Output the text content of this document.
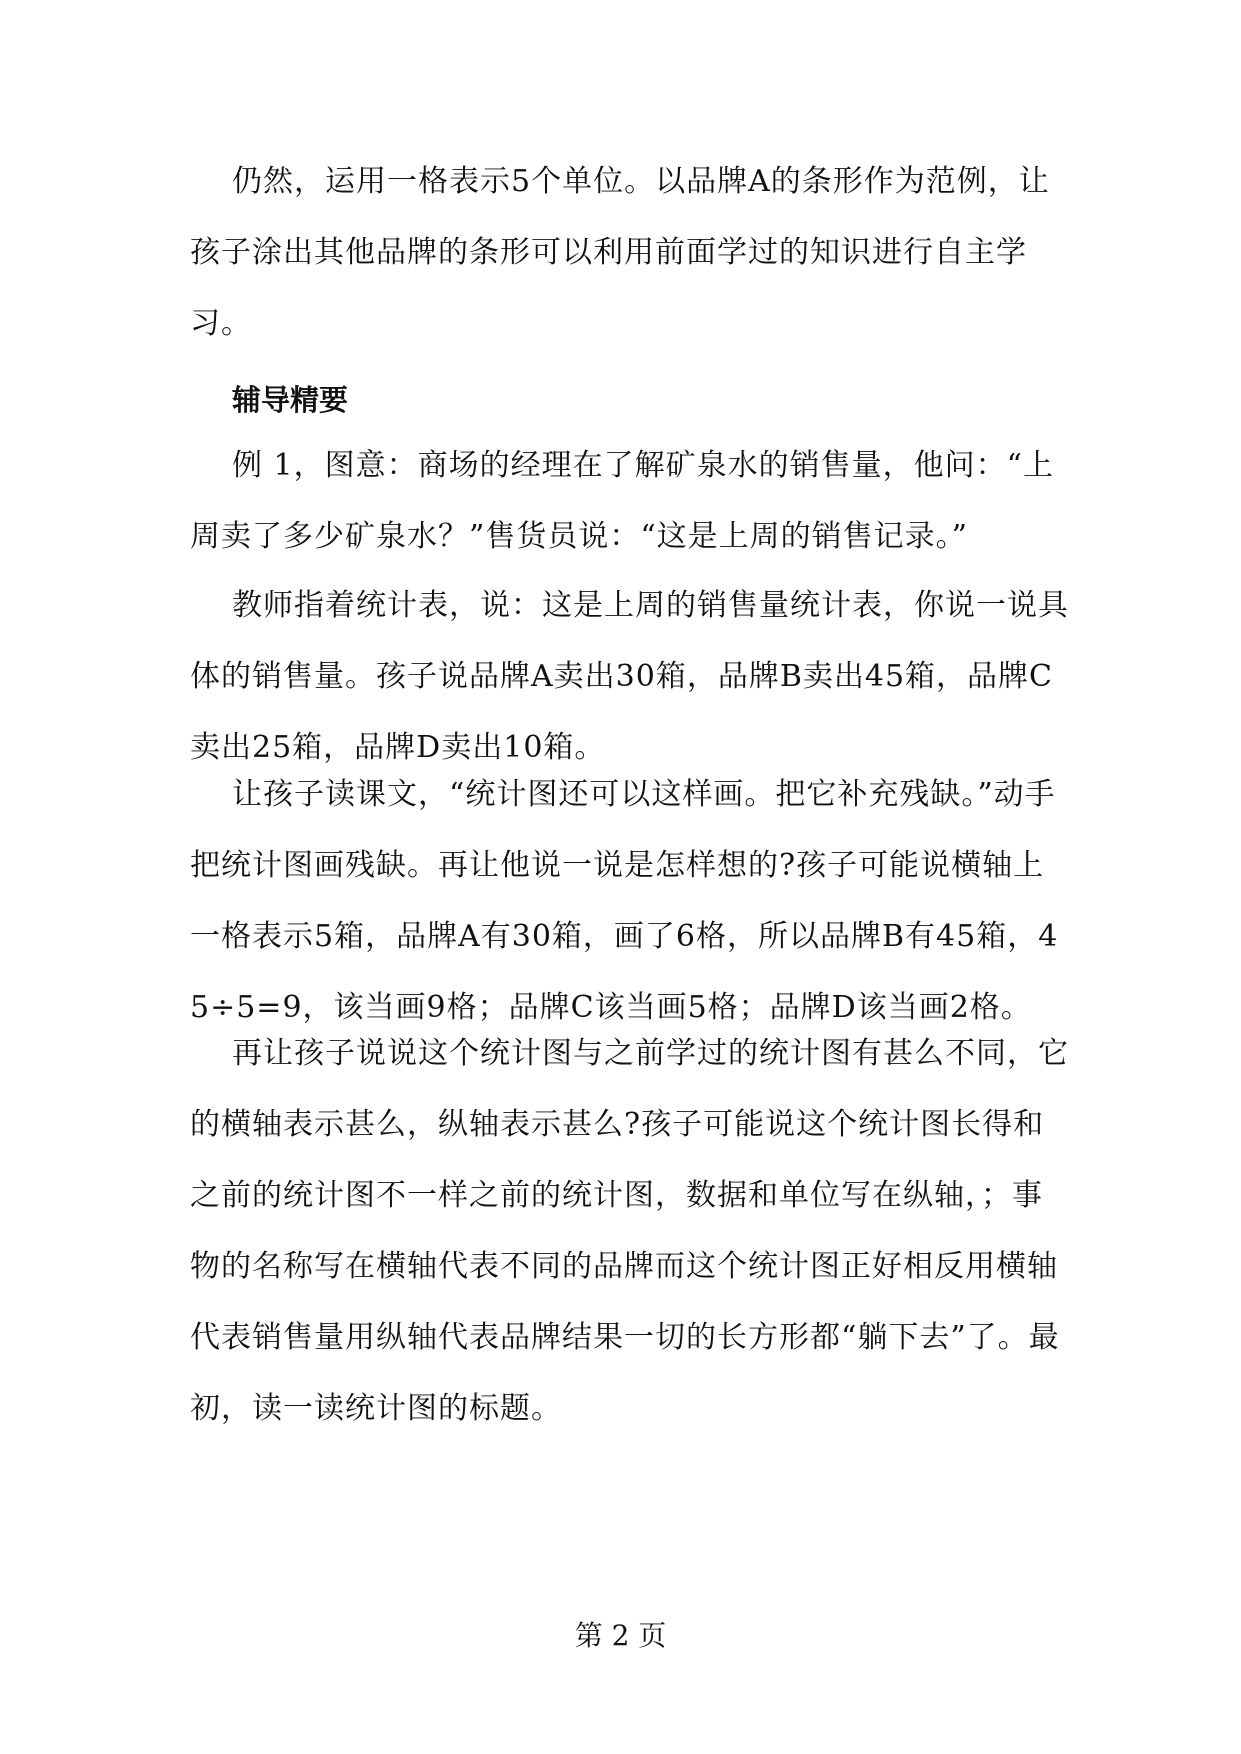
仍然，运用一格表示5个单位。以品牌A的条形作为范例，让孩子涂出其他品牌的条形可以利用前面学过的知识进行自主学习。

辅导精要

例 1，图意：商场的经理在了解矿泉水的销售量，他问：“上周卖了多少矿泉水？”售货员说：“这是上周的销售记录。”

教师指着统计表，说：这是上周的销售量统计表，你说一说具体的销售量。孩子说品牌A卖出30箱，品牌B卖出45箱，品牌C卖出25箱，品牌D卖出10箱。

让孩子读课文，“统计图还可以这样画。把它补充残缺。”动手把统计图画残缺。再让他说一说是怎样想的?孩子可能说横轴上一格表示5箱，品牌A有30箱，画了6格，所以品牌B有45箱，45÷5=9，该当画9格；品牌C该当画5格；品牌D该当画2格。

再让孩子说说这个统计图与之前学过的统计图有甚么不同，它的横轴表示甚么，纵轴表示甚么?孩子可能说这个统计图长得和之前的统计图不一样之前的统计图，数据和单位写在纵轴，；事物的名称写在横轴代表不同的品牌而这个统计图正好相反用横轴代表销售量用纵轴代表品牌结果一切的长方形都“躺下去”了。最初，读一读统计图的标题。

第 2 页
